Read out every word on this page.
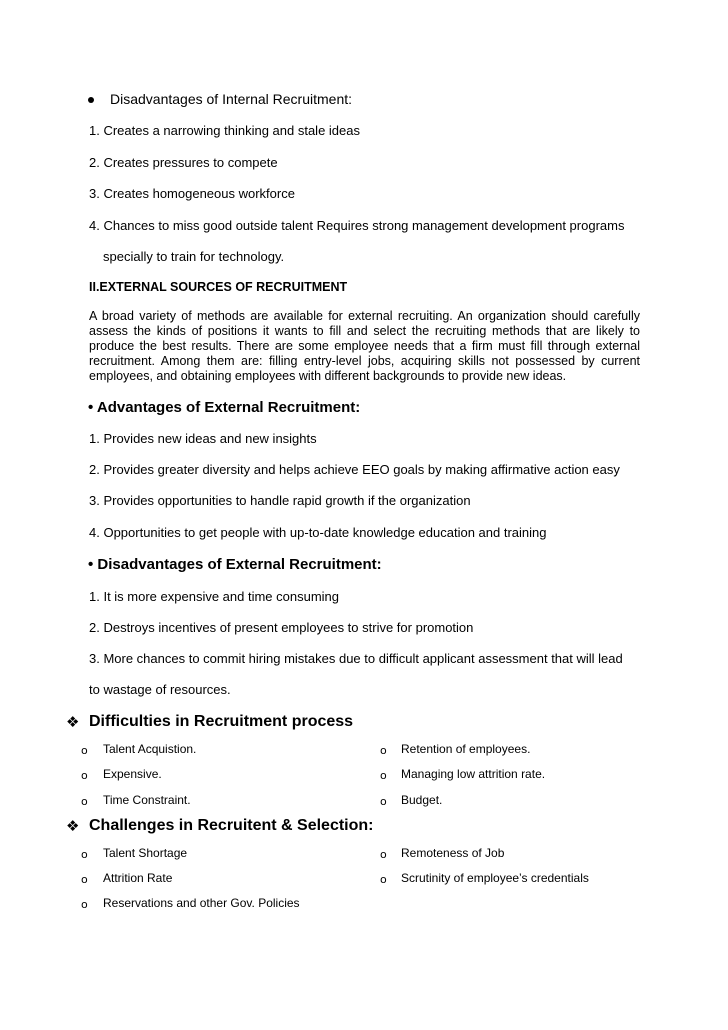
Disadvantages of Internal Recruitment:
1. Creates a narrowing thinking and stale ideas
2. Creates pressures to compete
3. Creates homogeneous workforce
4. Chances to miss good outside talent Requires strong management development programs
specially to train for technology.
II.EXTERNAL SOURCES OF RECRUITMENT
A broad variety of methods are available for external recruiting. An organization should carefully assess the kinds of positions it wants to fill and select the recruiting methods that are likely to produce the best results. There are some employee needs that a firm must fill through external recruitment. Among them are: filling entry-level jobs, acquiring skills not possessed by current employees, and obtaining employees with different backgrounds to provide new ideas.
• Advantages of External Recruitment:
1. Provides new ideas and new insights
2. Provides greater diversity and helps achieve EEO goals by making affirmative action easy
3. Provides opportunities to handle rapid growth if the organization
4. Opportunities to get people with up-to-date knowledge education and training
• Disadvantages of External Recruitment:
1. It is more expensive and time consuming
2. Destroys incentives of present employees to strive for promotion
3. More chances to commit hiring mistakes due to difficult applicant assessment that will lead
to wastage of resources.
❖ Difficulties in Recruitment process
o Talent Acquistion.	o Retention of employees.
o Expensive.	o Managing low attrition rate.
o Time Constraint.	o Budget.
❖ Challenges in Recruitent & Selection:
o Talent Shortage	o Remoteness of Job
o Attrition Rate	o Scrutinity of employee’s credentials
o Reservations and other Gov. Policies
